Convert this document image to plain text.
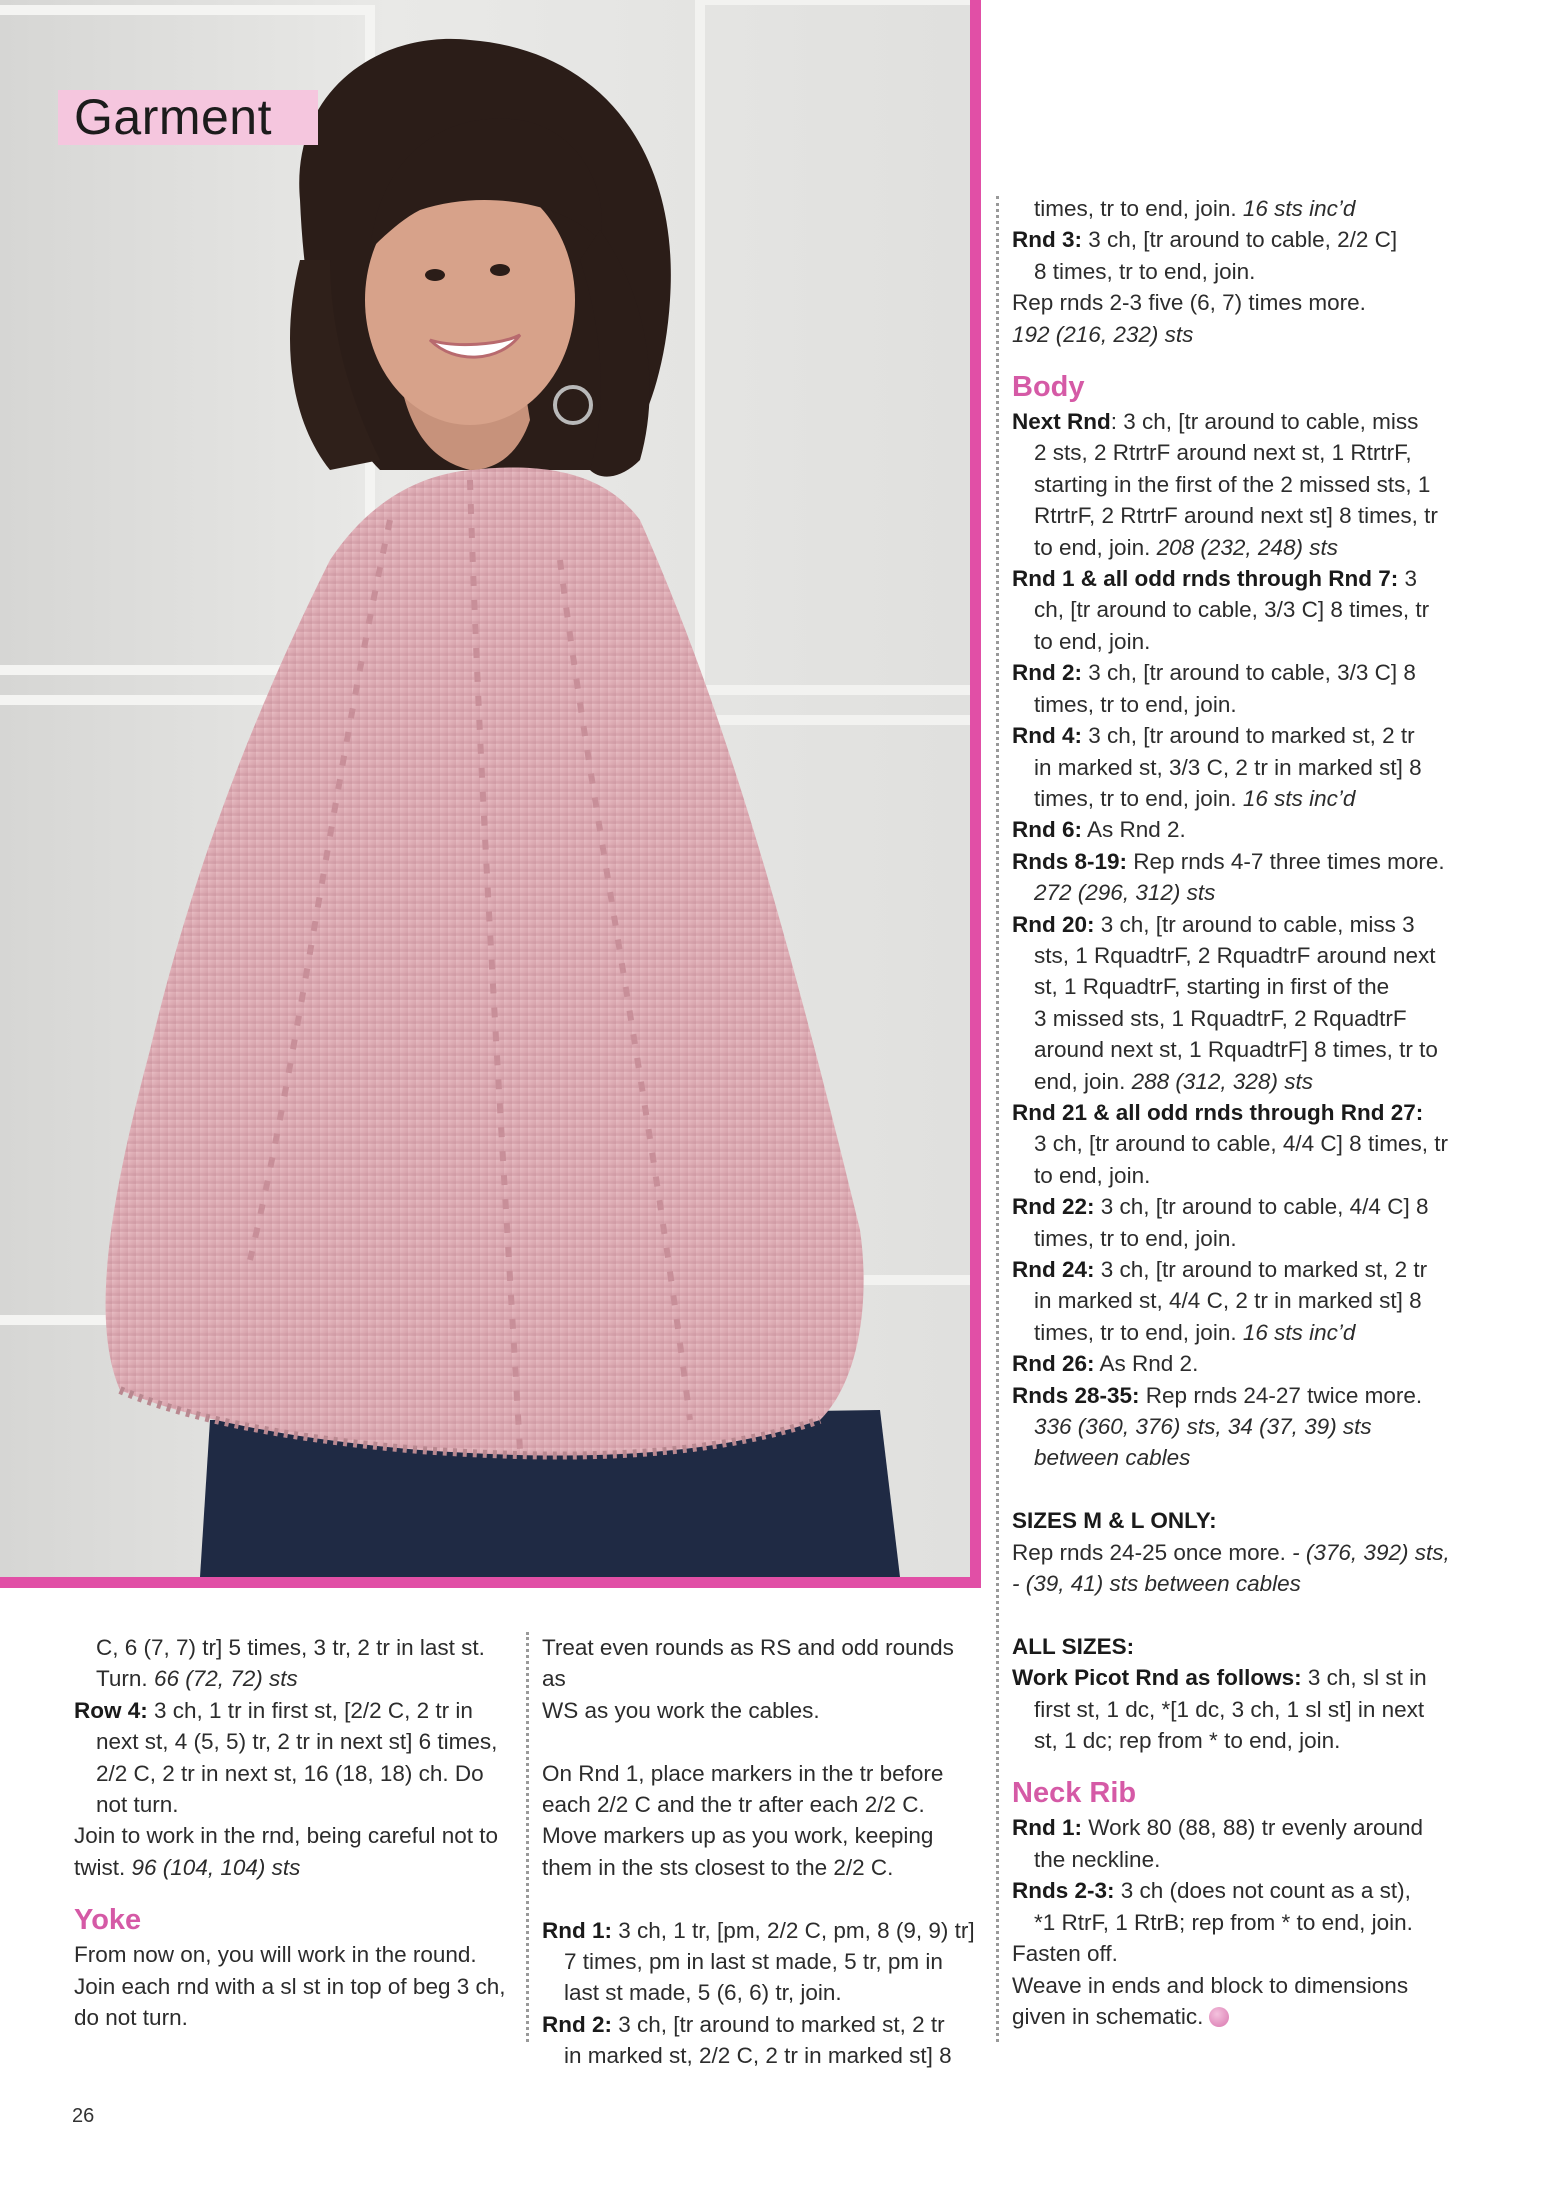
Garment

C, 6 (7, 7) tr] 5 times, 3 tr, 2 tr in last st.

Turn. 66 (72, 72) sts

Row 4: 3 ch, 1 tr in first st, [2/2 C, 2 tr in

next st, 4 (5, 5) tr, 2 tr in next st] 6 times,

2/2 C, 2 tr in next st, 16 (18, 18) ch. Do

not turn.

Join to work in the rnd, being careful not to

twist. 96 (104, 104) sts

Yoke

From now on, you will work in the round.

Join each rnd with a sl st in top of beg 3 ch,

do not turn.

Treat even rounds as RS and odd rounds as

WS as you work the cables.

On Rnd 1, place markers in the tr before

each 2/2 C and the tr after each 2/2 C.

Move markers up as you work, keeping

them in the sts closest to the 2/2 C.

Rnd 1: 3 ch, 1 tr, [pm, 2/2 C, pm, 8 (9, 9) tr]

7 times, pm in last st made, 5 tr, pm in

last st made, 5 (6, 6) tr, join.

Rnd 2: 3 ch, [tr around to marked st, 2 tr

in marked st, 2/2 C, 2 tr in marked st] 8

times, tr to end, join. 16 sts inc’d

Rnd 3: 3 ch, [tr around to cable, 2/2 C]

8 times, tr to end, join.

Rep rnds 2-3 five (6, 7) times more.

192 (216, 232) sts

Body

Next Rnd: 3 ch, [tr around to cable, miss

2 sts, 2 RtrtrF around next st, 1 RtrtrF,

starting in the first of the 2 missed sts, 1

RtrtrF, 2 RtrtrF around next st] 8 times, tr

to end, join. 208 (232, 248) sts

Rnd 1 & all odd rnds through Rnd 7: 3

ch, [tr around to cable, 3/3 C] 8 times, tr

to end, join.

Rnd 2: 3 ch, [tr around to cable, 3/3 C] 8

times, tr to end, join.

Rnd 4: 3 ch, [tr around to marked st, 2 tr

in marked st, 3/3 C, 2 tr in marked st] 8

times, tr to end, join. 16 sts inc’d

Rnd 6: As Rnd 2.

Rnds 8-19: Rep rnds 4-7 three times more.

272 (296, 312) sts

Rnd 20: 3 ch, [tr around to cable, miss 3

sts, 1 RquadtrF, 2 RquadtrF around next

st, 1 RquadtrF, starting in first of the

3 missed sts, 1 RquadtrF, 2 RquadtrF

around next st, 1 RquadtrF] 8 times, tr to

end, join. 288 (312, 328) sts

Rnd 21 & all odd rnds through Rnd 27:

3 ch, [tr around to cable, 4/4 C] 8 times, tr

to end, join.

Rnd 22: 3 ch, [tr around to cable, 4/4 C] 8

times, tr to end, join.

Rnd 24: 3 ch, [tr around to marked st, 2 tr

in marked st, 4/4 C, 2 tr in marked st] 8

times, tr to end, join. 16 sts inc’d

Rnd 26: As Rnd 2.

Rnds 28-35: Rep rnds 24-27 twice more.

336 (360, 376) sts, 34 (37, 39) sts

between cables

SIZES M & L ONLY:

Rep rnds 24-25 once more. - (376, 392) sts,

- (39, 41) sts between cables

ALL SIZES:

Work Picot Rnd as follows: 3 ch, sl st in

first st, 1 dc, *[1 dc, 3 ch, 1 sl st] in next

st, 1 dc; rep from * to end, join.

Neck Rib

Rnd 1: Work 80 (88, 88) tr evenly around

the neckline.

Rnds 2-3: 3 ch (does not count as a st),

*1 RtrF, 1 RtrB; rep from * to end, join.

Fasten off.

Weave in ends and block to dimensions

given in schematic.

26
